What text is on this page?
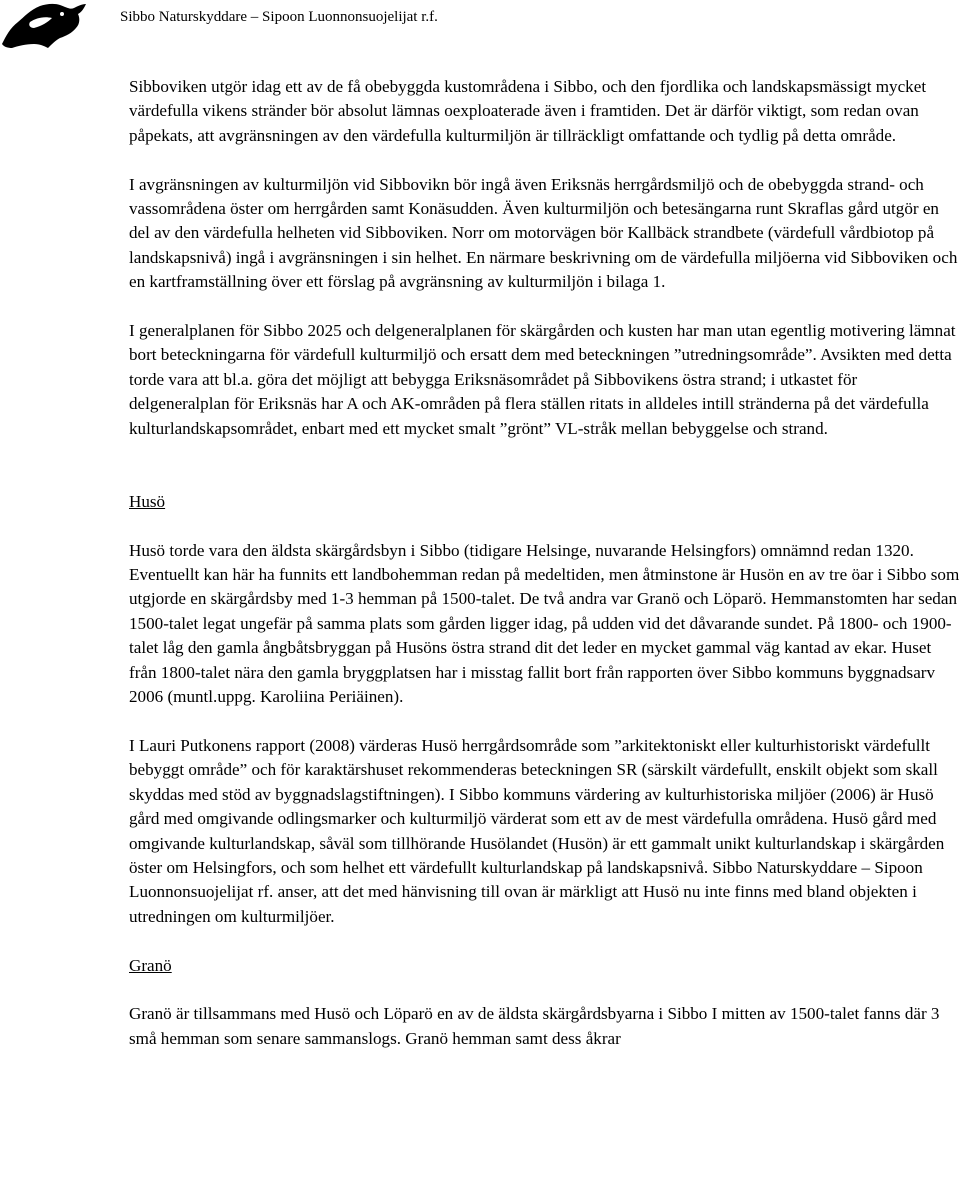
Sibbo Naturskyddare – Sipoon Luonnonsuojelijat r.f.

Sibboviken utgör idag ett av de få obebyggda kustområdena i Sibbo, och den fjordlika och landskapsmässigt mycket värdefulla vikens stränder bör absolut lämnas oexploaterade även i framtiden. Det är därför viktigt, som redan ovan påpekats, att avgränsningen av den värdefulla kulturmiljön är tillräckligt omfattande och tydlig på detta område.

I avgränsningen av kulturmiljön vid Sibbovikn bör ingå även Eriksnäs herrgårdsmiljö och de obebyggda strand- och vassområdena öster om herrgården samt Konäsudden. Även kulturmiljön och betesängarna runt Skraflas gård utgör en del av den värdefulla helheten vid Sibboviken. Norr om motorvägen bör Kallbäck strandbete (värdefull vårdbiotop på landskapsnivå) ingå i avgränsningen i sin helhet. En närmare beskrivning om de värdefulla miljöerna vid Sibboviken och en kartframställning över ett förslag på avgränsning av kulturmiljön i bilaga 1.

I generalplanen för Sibbo 2025 och delgeneralplanen för skärgården och kusten har man utan egentlig motivering lämnat bort beteckningarna för värdefull kulturmiljö och ersatt dem med beteckningen ”utredningsområde”. Avsikten med detta torde vara att bl.a. göra det möjligt att bebygga Eriksnäsområdet på Sibbovikens östra strand; i utkastet för delgeneralplan för Eriksnäs har A och AK-områden på flera ställen ritats in alldeles intill stränderna på det värdefulla kulturlandskapsområdet, enbart med ett mycket smalt ”grönt” VL-stråk mellan bebyggelse och strand.

Husö

Husö torde vara den äldsta skärgårdsbyn i Sibbo (tidigare Helsinge, nuvarande Helsingfors) omnämnd redan 1320. Eventuellt kan här ha funnits ett landbohemman redan på medeltiden, men åtminstone är Husön en av tre öar i Sibbo som utgjorde en skärgårdsby med 1-3 hemman på 1500-talet. De två andra var Granö och Löparö. Hemmanstomten har sedan 1500-talet legat ungefär på samma plats som gården ligger idag, på udden vid det dåvarande sundet. På 1800- och 1900-talet låg den gamla ångbåtsbryggan på Husöns östra strand dit det leder en mycket gammal väg kantad av ekar. Huset från 1800-talet nära den gamla bryggplatsen har i misstag fallit bort från rapporten över Sibbo kommuns byggnadsarv 2006 (muntl.uppg. Karoliina Periäinen).

I Lauri Putkonens rapport (2008) värderas Husö herrgårdsområde som ”arkitektoniskt eller kulturhistoriskt värdefullt bebyggt område” och för karaktärshuset rekommenderas beteckningen SR (särskilt värdefullt, enskilt objekt som skall skyddas med stöd av byggnadslagstiftningen). I Sibbo kommuns värdering av kulturhistoriska miljöer (2006) är Husö gård med omgivande odlingsmarker och kulturmiljö värderat som ett av de mest värdefulla områdena. Husö gård med omgivande kulturlandskap, såväl som tillhörande Husölandet (Husön) är ett gammalt unikt kulturlandskap i skärgården öster om Helsingfors, och som helhet ett värdefullt kulturlandskap på landskapsnivå. Sibbo Naturskyddare – Sipoon Luonnonsuojelijat rf. anser, att det med hänvisning till ovan är märkligt att Husö nu inte finns med bland objekten i utredningen om kulturmiljöer.

Granö

Granö är tillsammans med Husö och Löparö en av de äldsta skärgårdsbyarna i Sibbo I mitten av 1500-talet fanns där 3 små hemman som senare sammanslogs. Granö hemman samt dess åkrar
